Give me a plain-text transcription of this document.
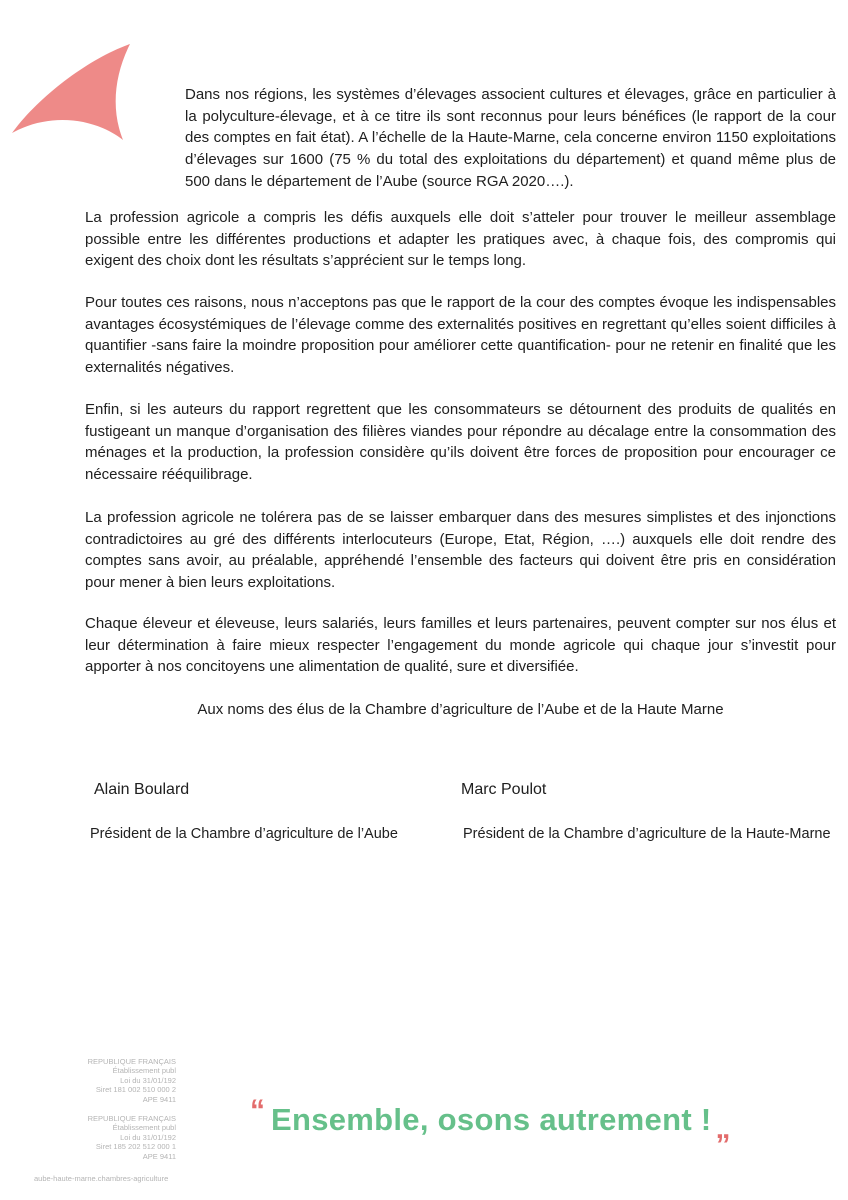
Dans nos régions, les systèmes d’élevages associent cultures et élevages, grâce en particulier à la polyculture-élevage, et à ce titre ils sont reconnus pour leurs bénéfices (le rapport de la cour des comptes en fait état). A l’échelle de la Haute-Marne, cela concerne environ 1150 exploitations d’élevages sur 1600 (75 % du total des exploitations du département) et quand même plus de 500 dans le département de l’Aube (source RGA 2020….).

La profession agricole a compris les défis auxquels elle doit s’atteler pour trouver le meilleur assemblage possible entre les différentes productions et adapter les pratiques avec, à chaque fois, des compromis qui exigent des choix dont les résultats s’apprécient sur le temps long.

Pour toutes ces raisons, nous n’acceptons pas que le rapport de la cour des comptes évoque les indispensables avantages écosystémiques de l’élevage comme des externalités positives en regrettant qu’elles soient difficiles à quantifier -sans faire la moindre proposition pour améliorer cette quantification- pour ne retenir en finalité que les externalités négatives.

Enfin, si les auteurs du rapport regrettent que les consommateurs se détournent des produits de qualités en fustigeant un manque d’organisation des filières viandes pour répondre au décalage entre la consommation des ménages et la production, la profession considère qu’ils doivent être forces de proposition pour encourager ce nécessaire rééquilibrage.

La profession agricole ne tolérera pas de se laisser embarquer dans des mesures simplistes et des injonctions contradictoires au gré des différents interlocuteurs (Europe, Etat, Région, ….) auxquels elle doit rendre des comptes sans avoir, au préalable, appréhendé l’ensemble des facteurs qui doivent être pris en considération pour mener à bien leurs exploitations.

Chaque éleveur et éleveuse, leurs salariés, leurs familles et leurs partenaires, peuvent compter sur nos élus et leur détermination à faire mieux respecter l’engagement du monde agricole qui chaque jour s’investit pour apporter à nos concitoyens une alimentation de qualité, sure et diversifiée.

Aux noms des élus de la Chambre d’agriculture de l’Aube et de la Haute Marne
Alain Boulard	Marc Poulot
Président de la Chambre d’agriculture de l’Aube	Président de la Chambre d’agriculture de la Haute-Marne
REPUBLIQUE FRANÇAIS
Établissement publ
Loi du 31/01/192
Siret 181 002 510 000 2
APE 9411
REPUBLIQUE FRANÇAIS
Établissement publ
Loi du 31/01/192
Siret 185 202 512 000 1
APE 9411
aube-haute-marne.chambres-agriculture
“ Ensemble, osons autrement ! „
